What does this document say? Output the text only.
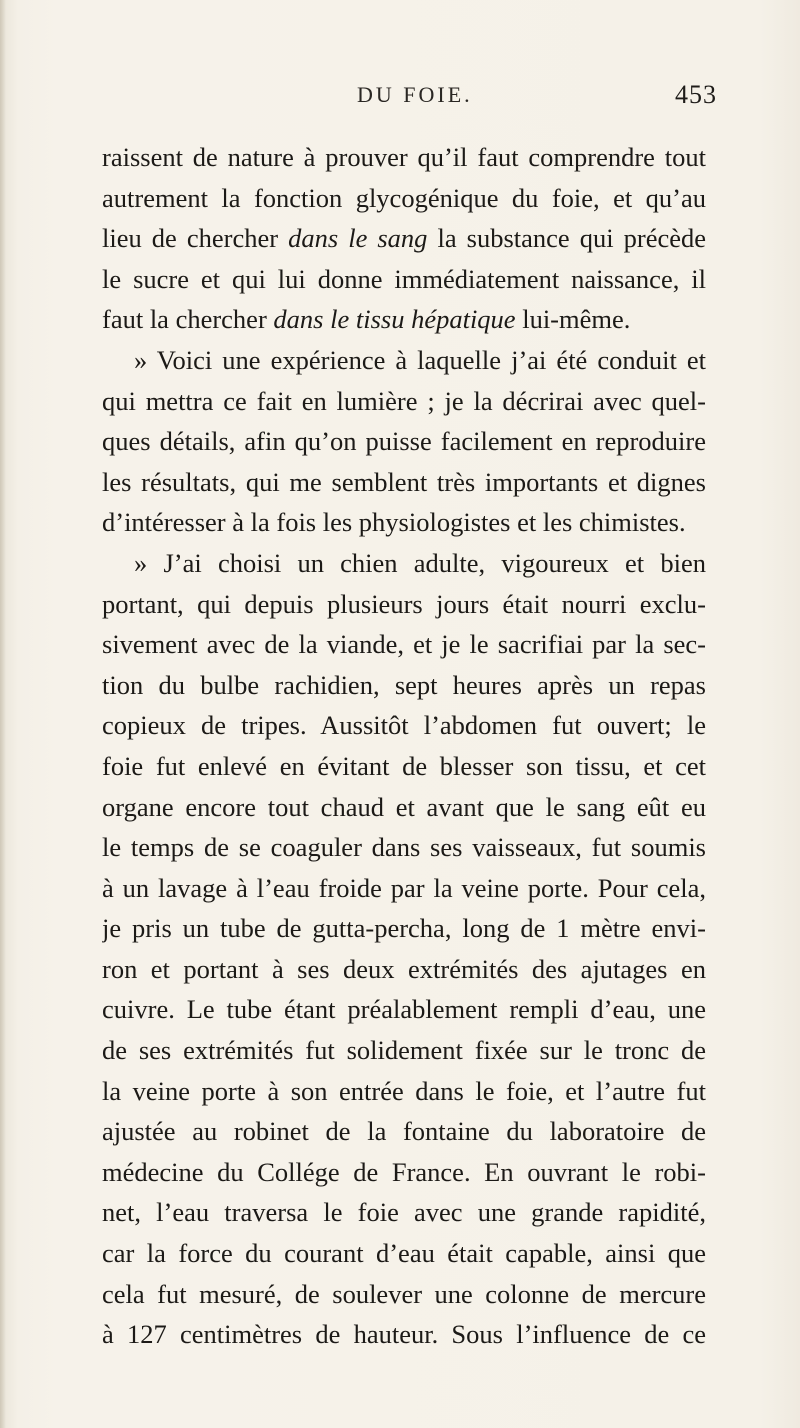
DU FOIE.	453
raissent de nature à prouver qu’il faut comprendre tout
autrement la fonction glycogénique du foie, et qu’au
lieu de chercher dans le sang la substance qui précède
le sucre et qui lui donne immédiatement naissance, il
faut la chercher dans le tissu hépatique lui-même.
» Voici une expérience à laquelle j’ai été conduit et
qui mettra ce fait en lumière ; je la décrirai avec quel-
ques détails, afin qu’on puisse facilement en reproduire
les résultats, qui me semblent très importants et dignes
d’intéresser à la fois les physiologistes et les chimistes.
» J’ai choisi un chien adulte, vigoureux et bien
portant, qui depuis plusieurs jours était nourri exclu-
sivement avec de la viande, et je le sacrifiai par la sec-
tion du bulbe rachidien, sept heures après un repas
copieux de tripes. Aussitôt l’abdomen fut ouvert; le
foie fut enlevé en évitant de blesser son tissu, et cet
organe encore tout chaud et avant que le sang eût eu
le temps de se coaguler dans ses vaisseaux, fut soumis
à un lavage à l’eau froide par la veine porte. Pour cela,
je pris un tube de gutta-percha, long de 1 mètre envi-
ron et portant à ses deux extrémités des ajutages en
cuivre. Le tube étant préalablement rempli d’eau, une
de ses extrémités fut solidement fixée sur le tronc de
la veine porte à son entrée dans le foie, et l’autre fut
ajustée au robinet de la fontaine du laboratoire de
médecine du Collége de France. En ouvrant le robi-
net, l’eau traversa le foie avec une grande rapidité,
car la force du courant d’eau était capable, ainsi que
cela fut mesuré, de soulever une colonne de mercure
à 127 centimètres de hauteur. Sous l’influence de ce
